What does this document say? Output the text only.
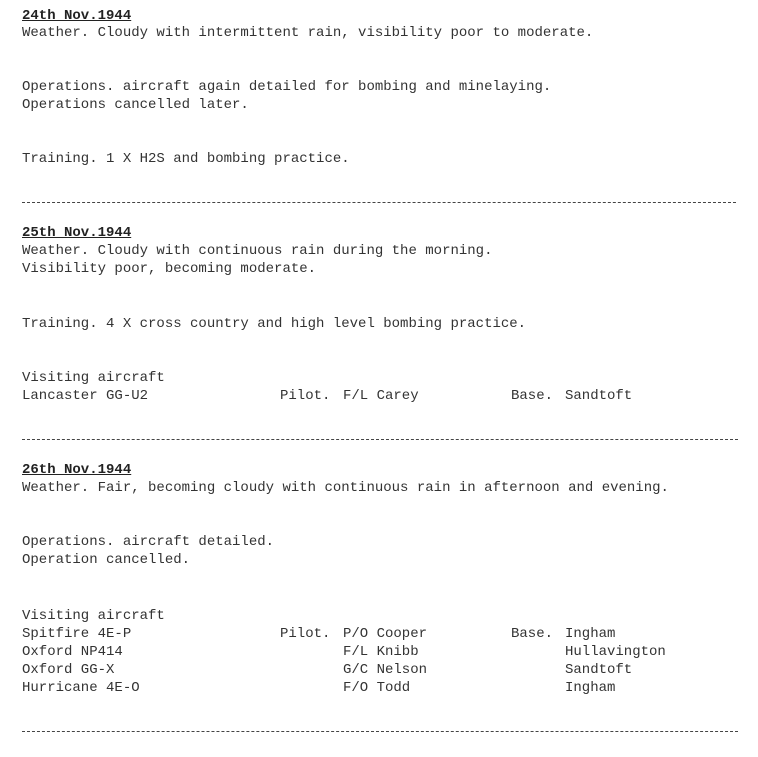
24th Nov.1944
Weather. Cloudy with intermittent rain, visibility poor to moderate.
Operations. aircraft again detailed for bombing and minelaying.
Operations cancelled later.
Training. 1 X H2S and bombing practice.
25th Nov.1944
Weather. Cloudy with continuous rain during the morning.
Visibility poor, becoming moderate.
Training. 4 X cross country and high level bombing practice.
Visiting aircraft
Lancaster GG-U2	Pilot. F/L Carey	Base. Sandtoft
26th Nov.1944
Weather. Fair, becoming cloudy with continuous rain in afternoon and evening.
Operations. aircraft detailed.
Operation cancelled.
Visiting aircraft
Spitfire 4E-P	Pilot. P/O Cooper	Base. Ingham
Oxford NP414	F/L Knibb	Hullavington
Oxford GG-X	G/C Nelson	Sandtoft
Hurricane 4E-O	F/O Todd	Ingham
